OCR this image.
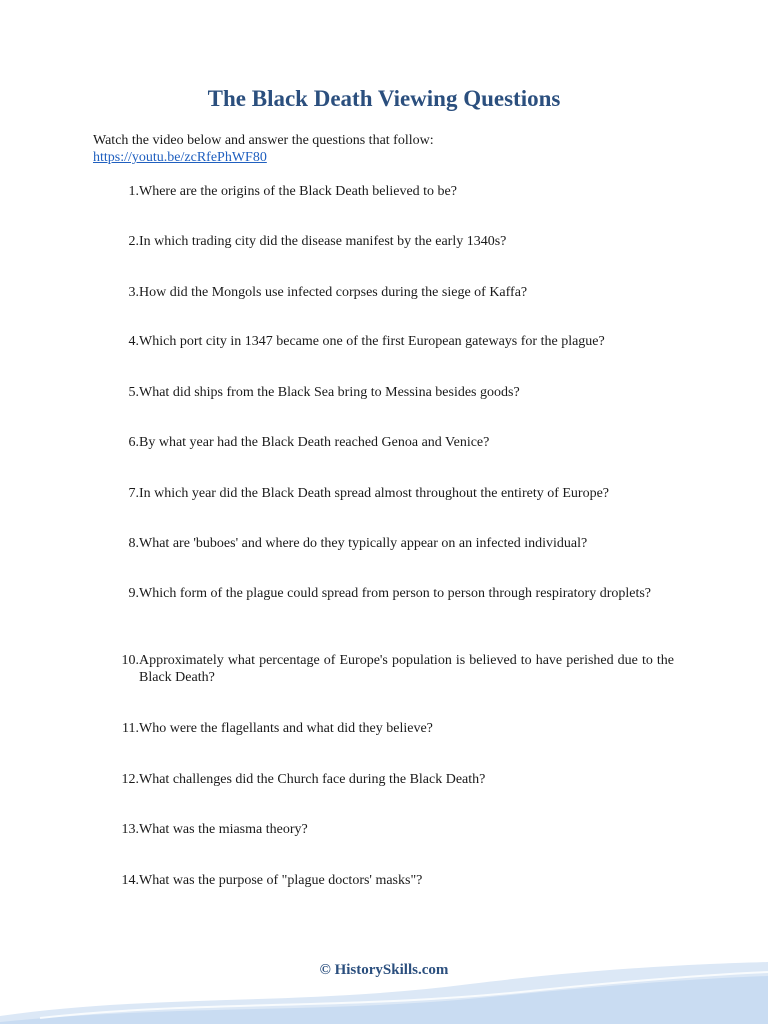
The Black Death Viewing Questions
Watch the video below and answer the questions that follow:
https://youtu.be/zcRfePhWF80
1. Where are the origins of the Black Death believed to be?
2. In which trading city did the disease manifest by the early 1340s?
3. How did the Mongols use infected corpses during the siege of Kaffa?
4. Which port city in 1347 became one of the first European gateways for the plague?
5. What did ships from the Black Sea bring to Messina besides goods?
6. By what year had the Black Death reached Genoa and Venice?
7. In which year did the Black Death spread almost throughout the entirety of Europe?
8. What are 'buboes' and where do they typically appear on an infected individual?
9. Which form of the plague could spread from person to person through respiratory droplets?
10. Approximately what percentage of Europe's population is believed to have perished due to the Black Death?
11. Who were the flagellants and what did they believe?
12. What challenges did the Church face during the Black Death?
13. What was the miasma theory?
14. What was the purpose of "plague doctors' masks"?
© HistorySkills.com
